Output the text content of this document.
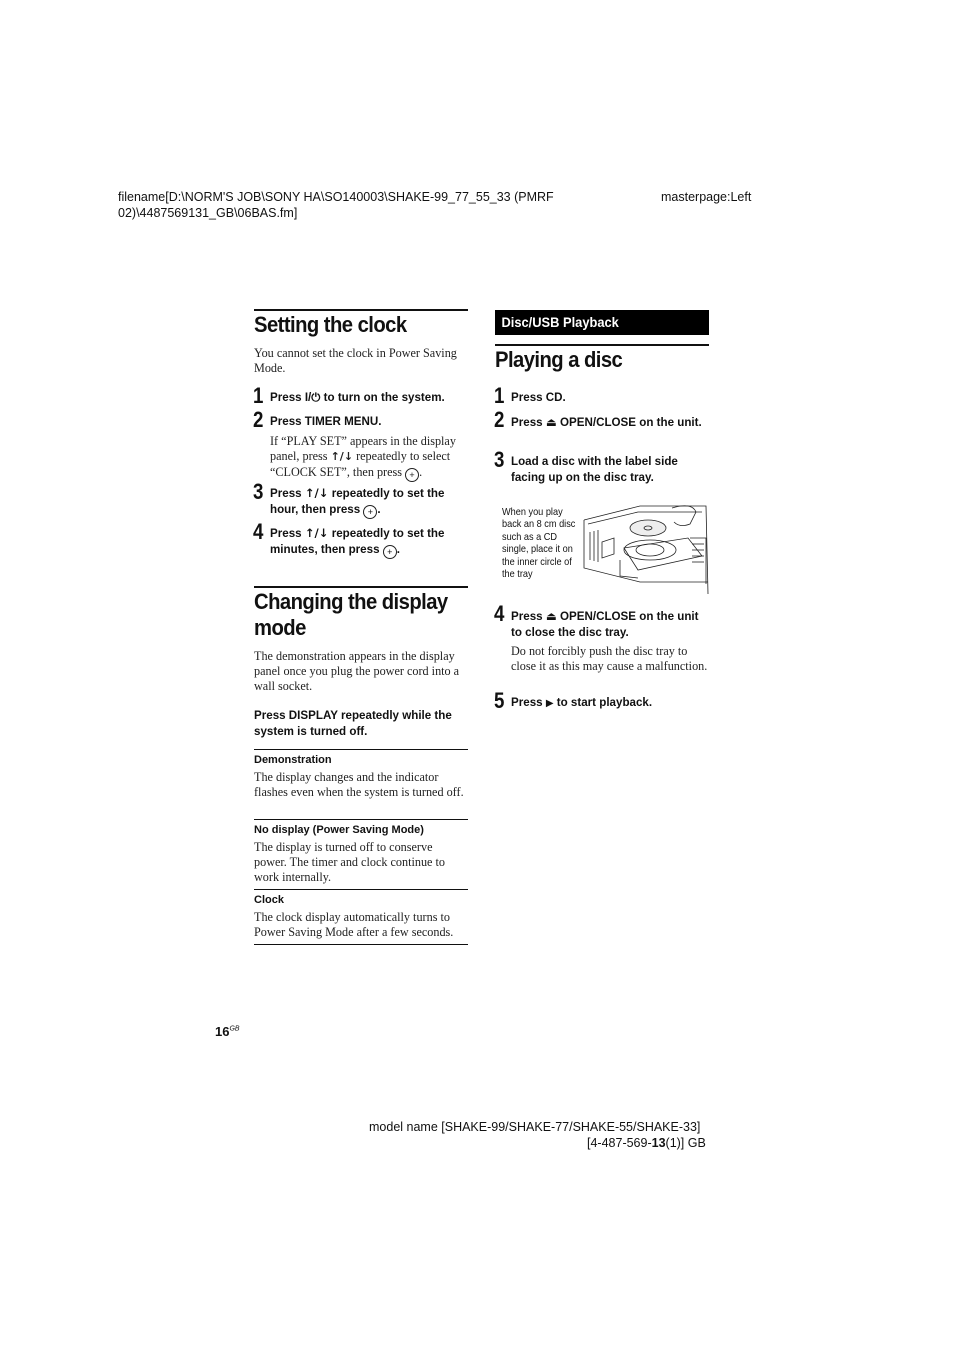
filename[D:\NORM'S JOB\SONY HA\SO140003\SHAKE-99_77_55_33 (PMRF
02)\4487569131_GB\06BAS.fm]
masterpage:Left
Setting the clock
You cannot set the clock in Power Saving Mode.
1 Press I/⏻ to turn on the system.
2 Press TIMER MENU.
If “PLAY SET” appears in the display panel, press ↑/↓ repeatedly to select “CLOCK SET”, then press + .
3 Press ↑/↓ repeatedly to set the hour, then press + .
4 Press ↑/↓ repeatedly to set the minutes, then press + .
Changing the display
mode
The demonstration appears in the display panel once you plug the power cord into a wall socket.
Press DISPLAY repeatedly while the system is turned off.
Demonstration
The display changes and the indicator flashes even when the system is turned off.
No display (Power Saving Mode)
The display is turned off to conserve power. The timer and clock continue to work internally.
Clock
The clock display automatically turns to Power Saving Mode after a few seconds.
Disc/USB Playback
Playing a disc
1 Press CD.
2 Press ⏏ OPEN/CLOSE on the unit.
3 Load a disc with the label side facing up on the disc tray.
When you play back an 8 cm disc such as a CD single, place it on the inner circle of the tray
4 Press ⏏ OPEN/CLOSE on the unit to close the disc tray.
Do not forcibly push the disc tray to close it as this may cause a malfunction.
5 Press ▶ to start playback.
$16^{GB}$
model name [SHAKE-99/SHAKE-77/SHAKE-55/SHAKE-33]
[4-487-569-13(1)] GB
